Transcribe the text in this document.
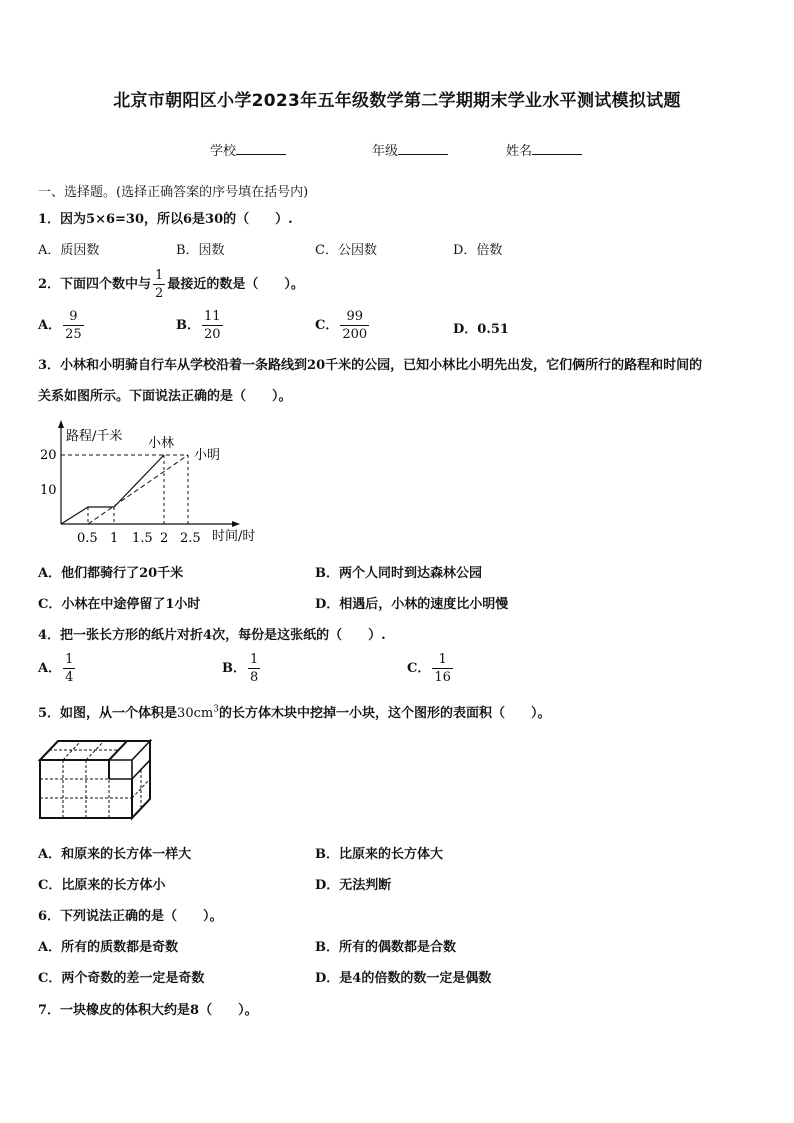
北京市朝阳区小学2023年五年级数学第二学期期末学业水平测试模拟试题
学校	年级	姓名
一、选择题。(选择正确答案的序号填在括号内)
1．因为5×6=30，所以6是30的（　　）.
A．质因数	B．因数	C．公因数	D．倍数
2．下面四个数中与 $\frac{1}{2}$ 最接近的数是（　　）。
A． $\frac{9}{25}$	B． $\frac{11}{20}$	C． $\frac{99}{200}$	D．0.51
3．小林和小明骑自行车从学校沿着一条路线到20千米的公园，已知小林比小明先出发，它们俩所行的路程和时间的
关系如图所示。下面说法正确的是（　　）。
路程/千米
时间/时
20
10
0.5 1 1.5 2 2.5
小林
小明
A．他们都骑行了20千米	B．两个人同时到达森林公园
C．小林在中途停留了1小时	D．相遇后，小林的速度比小明慢
4．把一张长方形的纸片对折4次，每份是这张纸的（　　）.
A． $\frac{1}{4}$	B． $\frac{1}{8}$	C． $\frac{1}{16}$
5．如图，从一个体积是$30cm^3$的长方体木块中挖掉一小块，这个图形的表面积（　　）。
A．和原来的长方体一样大	B．比原来的长方体大
C．比原来的长方体小	D．无法判断
6．下列说法正确的是（　　）。
A．所有的质数都是奇数	B．所有的偶数都是合数
C．两个奇数的差一定是奇数	D．是4的倍数的数一定是偶数
7．一块橡皮的体积大约是8（　　）。
